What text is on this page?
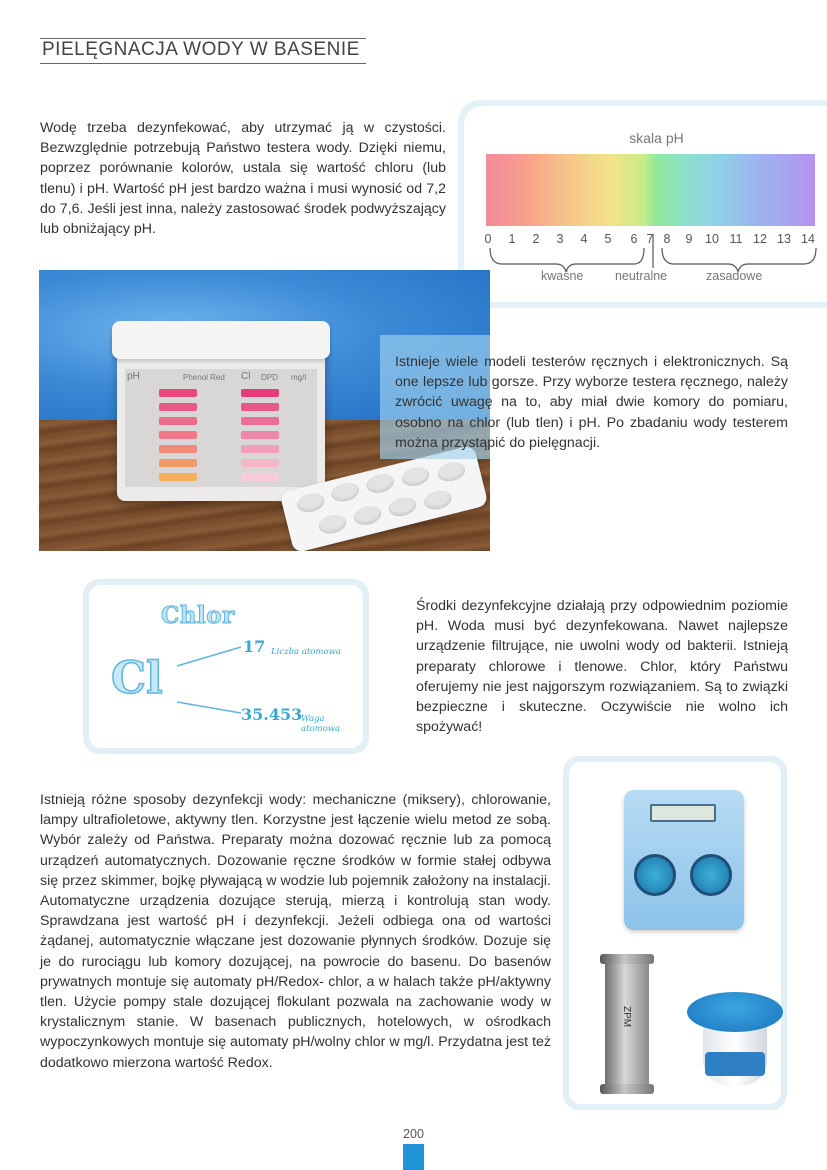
PIELĘGNACJA WODY W BASENIE

Wodę trzeba dezynfekować, aby utrzymać ją w czystości. Bezwzględnie potrzebują Państwo testera wody. Dzięki niemu, poprzez porównanie kolorów, ustala się wartość chloru (lub tlenu) i pH. Wartość pH jest bardzo ważna i musi wynosić od 7,2 do 7,6. Jeśli jest inna, należy zastosować środek podwyższający lub obniżający pH.

skala pH
0 1 2 3 4 5 6 7 8 9 10 11 12 13 14
kwaśne	neutralne	zasadowe
pH	Phenol Red Cl DPD mg/l

Istnieje wiele modeli testerów ręcznych i elektronicznych. Są one lepsze lub gorsze. Przy wyborze testera ręcznego, należy zwrócić uwagę na to, aby miał dwie komory do pomiaru, osobno na chlor (lub tlen) i pH. Po zbadaniu wody testerem można przystąpić do pielęgnacji.

Chlor
Cl
17 Liczba atomowa
35.453
Waga atomowa

Środki dezynfekcyjne działają przy odpowiednim poziomie pH. Woda musi być dezynfekowana. Nawet najlepsze urządzenie filtrujące, nie uwolni wody od bakterii. Istnieją preparaty chlorowe i tlenowe. Chlor, który Państwu oferujemy nie jest najgorszym rozwiązaniem. Są to związki bezpieczne i skuteczne. Oczywiście nie wolno ich spożywać!

Istnieją różne sposoby dezynfekcji wody: mechaniczne (miksery), chlorowanie, lampy ultrafioletowe, aktywny tlen. Korzystne jest łączenie wielu metod ze sobą. Wybór zależy od Państwa. Preparaty można dozować ręcznie lub za pomocą urządzeń automatycznych. Dozowanie ręczne środków w formie stałej odbywa się przez skimmer, bojkę pływającą w wodzie lub pojemnik założony na instalacji. Automatyczne urządzenia dozujące sterują, mierzą i kontrolują stan wody. Sprawdzana jest wartość pH i dezynfekcji. Jeżeli odbiega ona od wartości żądanej, automatycznie włączane jest dozowanie płynnych środków. Dozuje się je do rurociągu lub komory dozującej, na powrocie do basenu. Do basenów prywatnych montuje się automaty pH/Redox- chlor, a w halach także pH/aktywny tlen. Użycie pompy stale dozującej flokulant pozwala na zachowanie wody w krystalicznym stanie. W basenach publicznych, hotelowych, w ośrodkach wypoczynkowych montuje się automaty pH/wolny chlor w mg/l. Przydatna jest też dodatkowo mierzona wartość Redox.

ZPM
200
